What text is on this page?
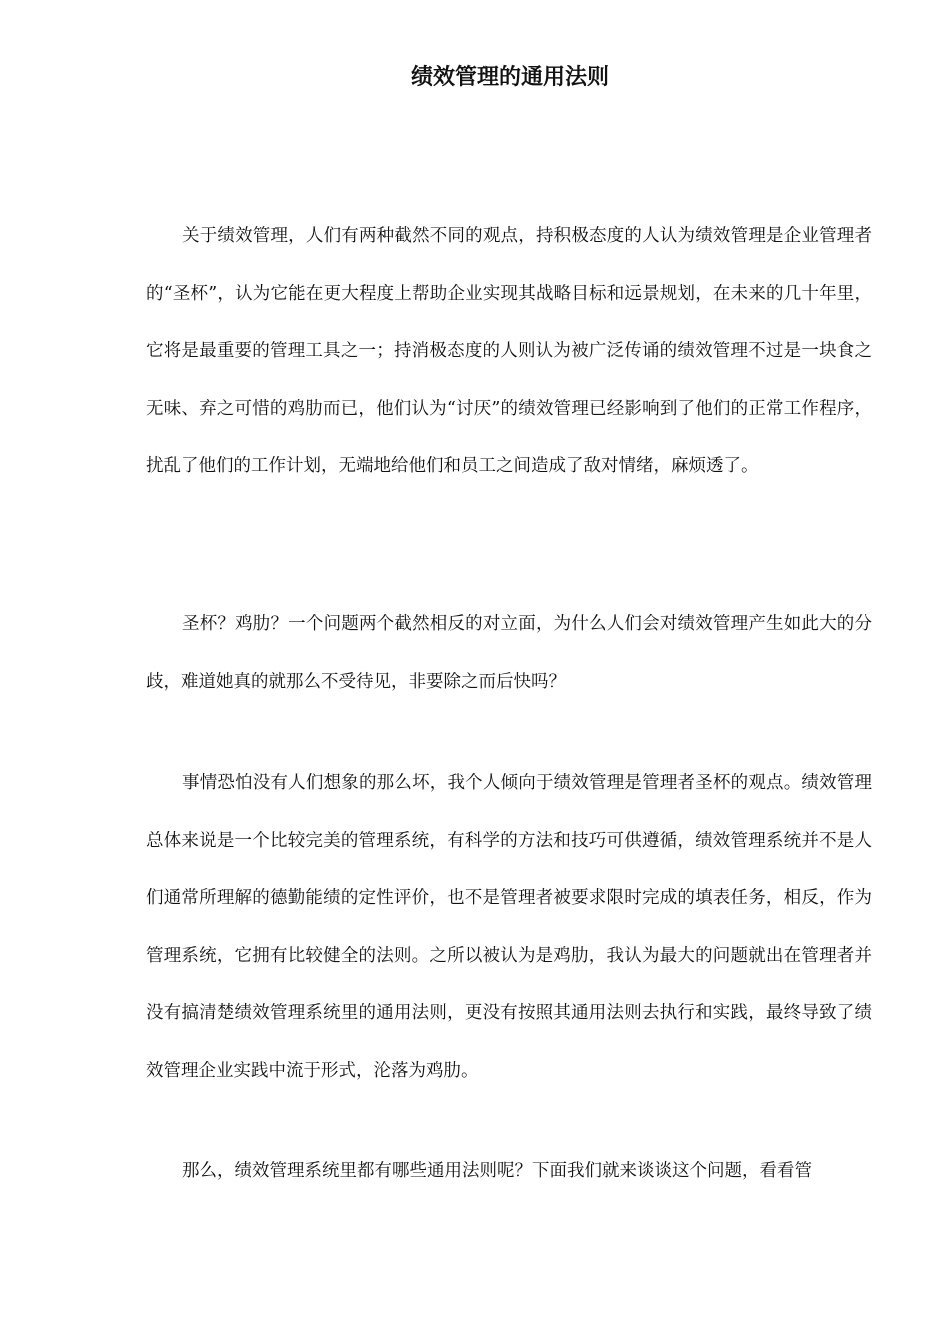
绩效管理的通用法则

关于绩效管理，人们有两种截然不同的观点，持积极态度的人认为绩效管理是企业管理者的“圣杯”，认为它能在更大程度上帮助企业实现其战略目标和远景规划，在未来的几十年里，它将是最重要的管理工具之一；持消极态度的人则认为被广泛传诵的绩效管理不过是一块食之无味、弃之可惜的鸡肋而已，他们认为“讨厌”的绩效管理已经影响到了他们的正常工作程序，扰乱了他们的工作计划，无端地给他们和员工之间造成了敌对情绪，麻烦透了。

圣杯？鸡肋？一个问题两个截然相反的对立面，为什么人们会对绩效管理产生如此大的分歧，难道她真的就那么不受待见，非要除之而后快吗？

事情恐怕没有人们想象的那么坏，我个人倾向于绩效管理是管理者圣杯的观点。绩效管理总体来说是一个比较完美的管理系统，有科学的方法和技巧可供遵循，绩效管理系统并不是人们通常所理解的德勤能绩的定性评价，也不是管理者被要求限时完成的填表任务，相反，作为管理系统，它拥有比较健全的法则。之所以被认为是鸡肋，我认为最大的问题就出在管理者并没有搞清楚绩效管理系统里的通用法则，更没有按照其通用法则去执行和实践，最终导致了绩效管理企业实践中流于形式，沦落为鸡肋。

那么，绩效管理系统里都有哪些通用法则呢？下面我们就来谈谈这个问题，看看管
